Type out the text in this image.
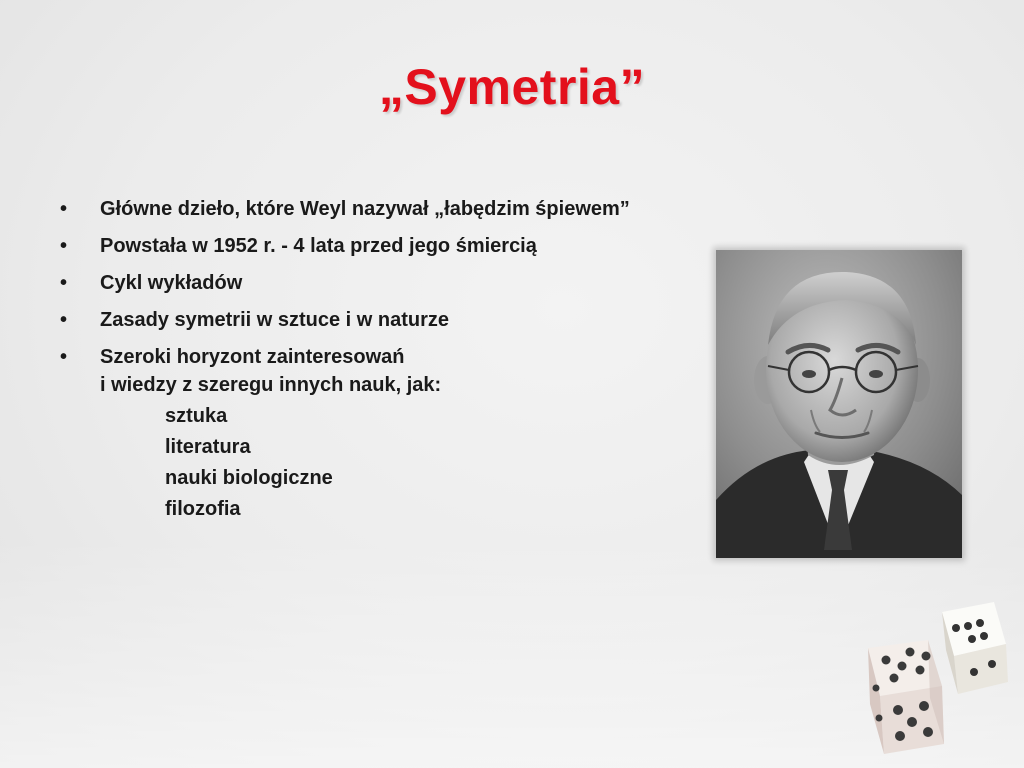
„Symetria”
• Główne dzieło, które Weyl nazywał „łabędzim śpiewem”
• Powstała w 1952 r. - 4 lata przed jego śmiercią
• Cykl wykładów
• Zasady symetrii w sztuce i w naturze
• Szeroki horyzont zainteresowań
i wiedzy z szeregu innych nauk, jak:
sztuka
literatura
nauki biologiczne
filozofia
